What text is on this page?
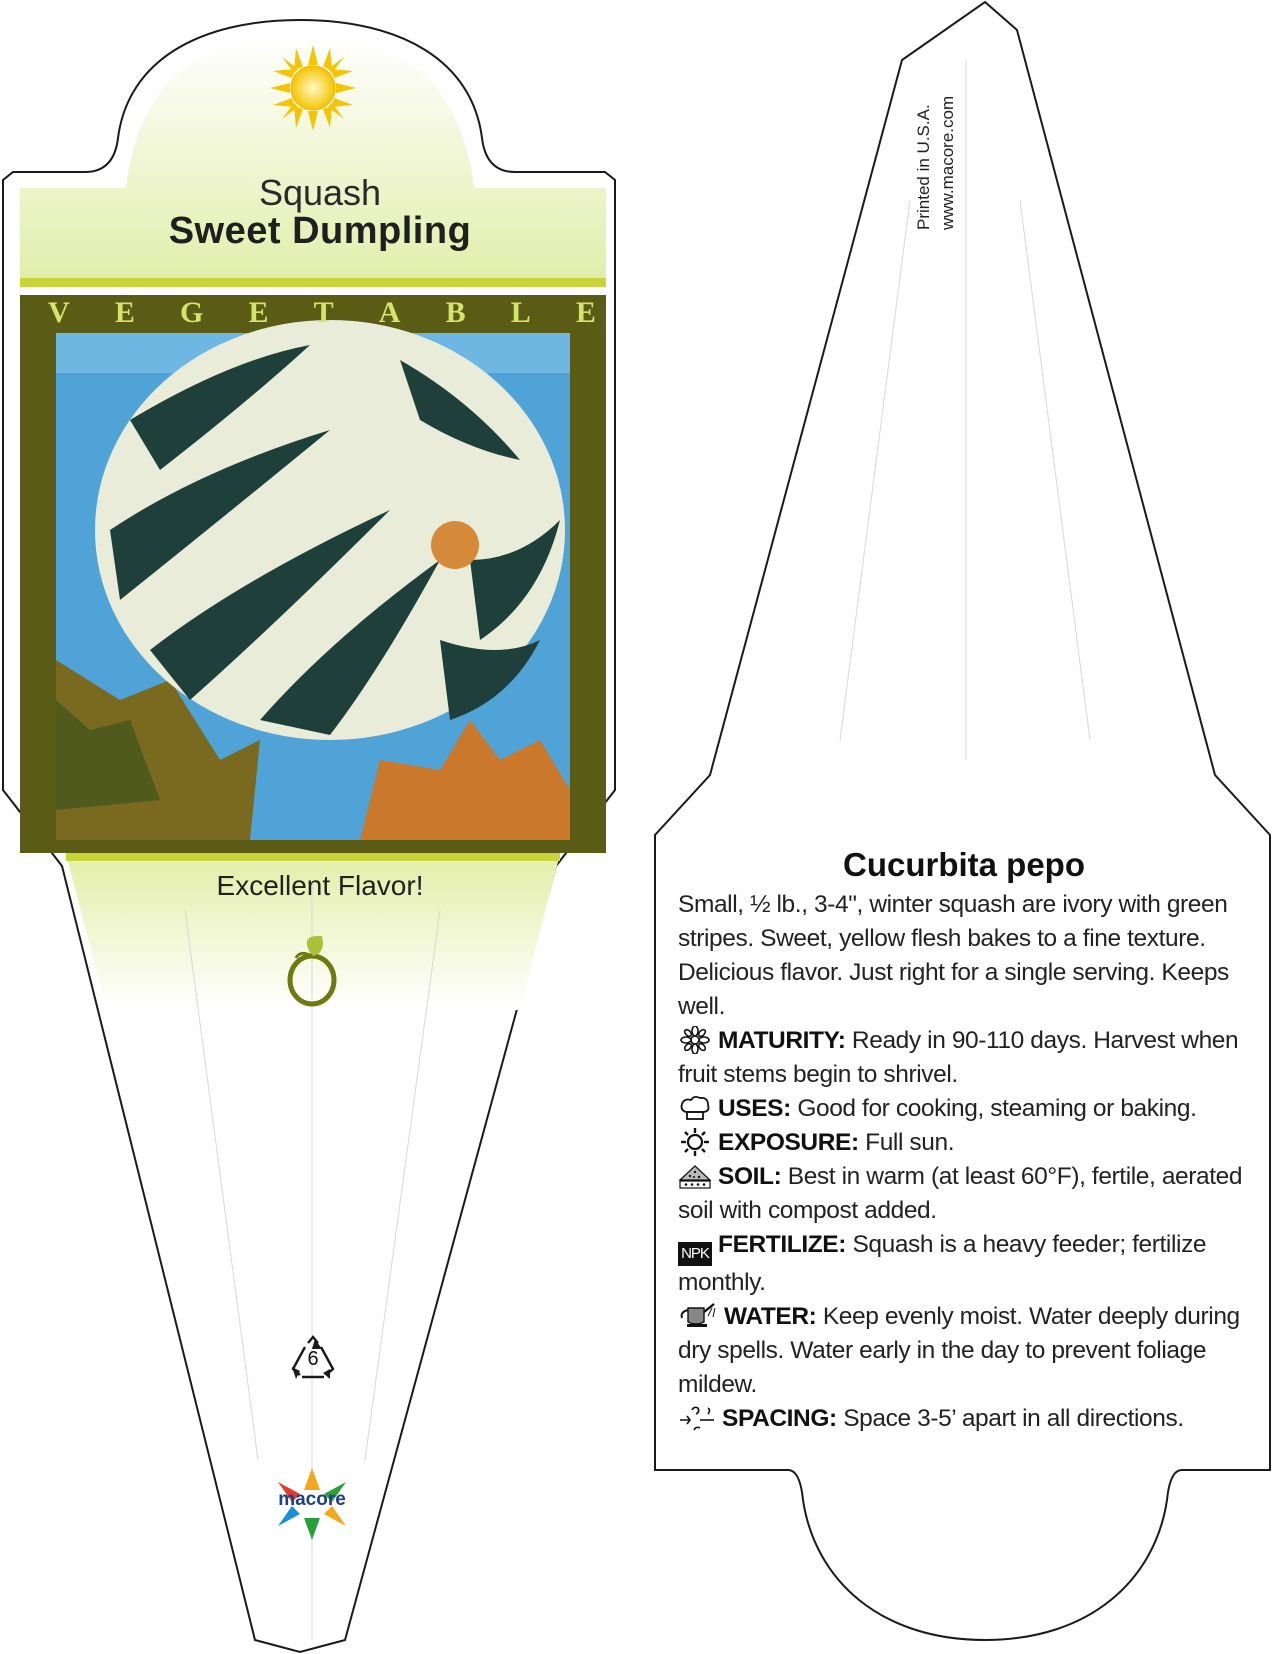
Squash
Sweet Dumpling
V E G E T A B L E
Excellent Flavor!
6
macore
Printed in U.S.A. www.macore.com
Cucurbita pepo

Small, ½ lb., 3-4", winter squash are ivory with green stripes. Sweet, yellow flesh bakes to a fine texture. Delicious flavor. Just right for a single serving. Keeps well.

MATURITY: Ready in 90-110 days. Harvest when fruit stems begin to shrivel.

USES: Good for cooking, steaming or baking.

EXPOSURE: Full sun.

SOIL: Best in warm (at least 60°F), fertile, aerated soil with compost added.

NPK FERTILIZE: Squash is a heavy feeder; fertilize monthly.

WATER: Keep evenly moist. Water deeply during dry spells. Water early in the day to prevent foliage mildew.

SPACING: Space 3-5’ apart in all directions.
